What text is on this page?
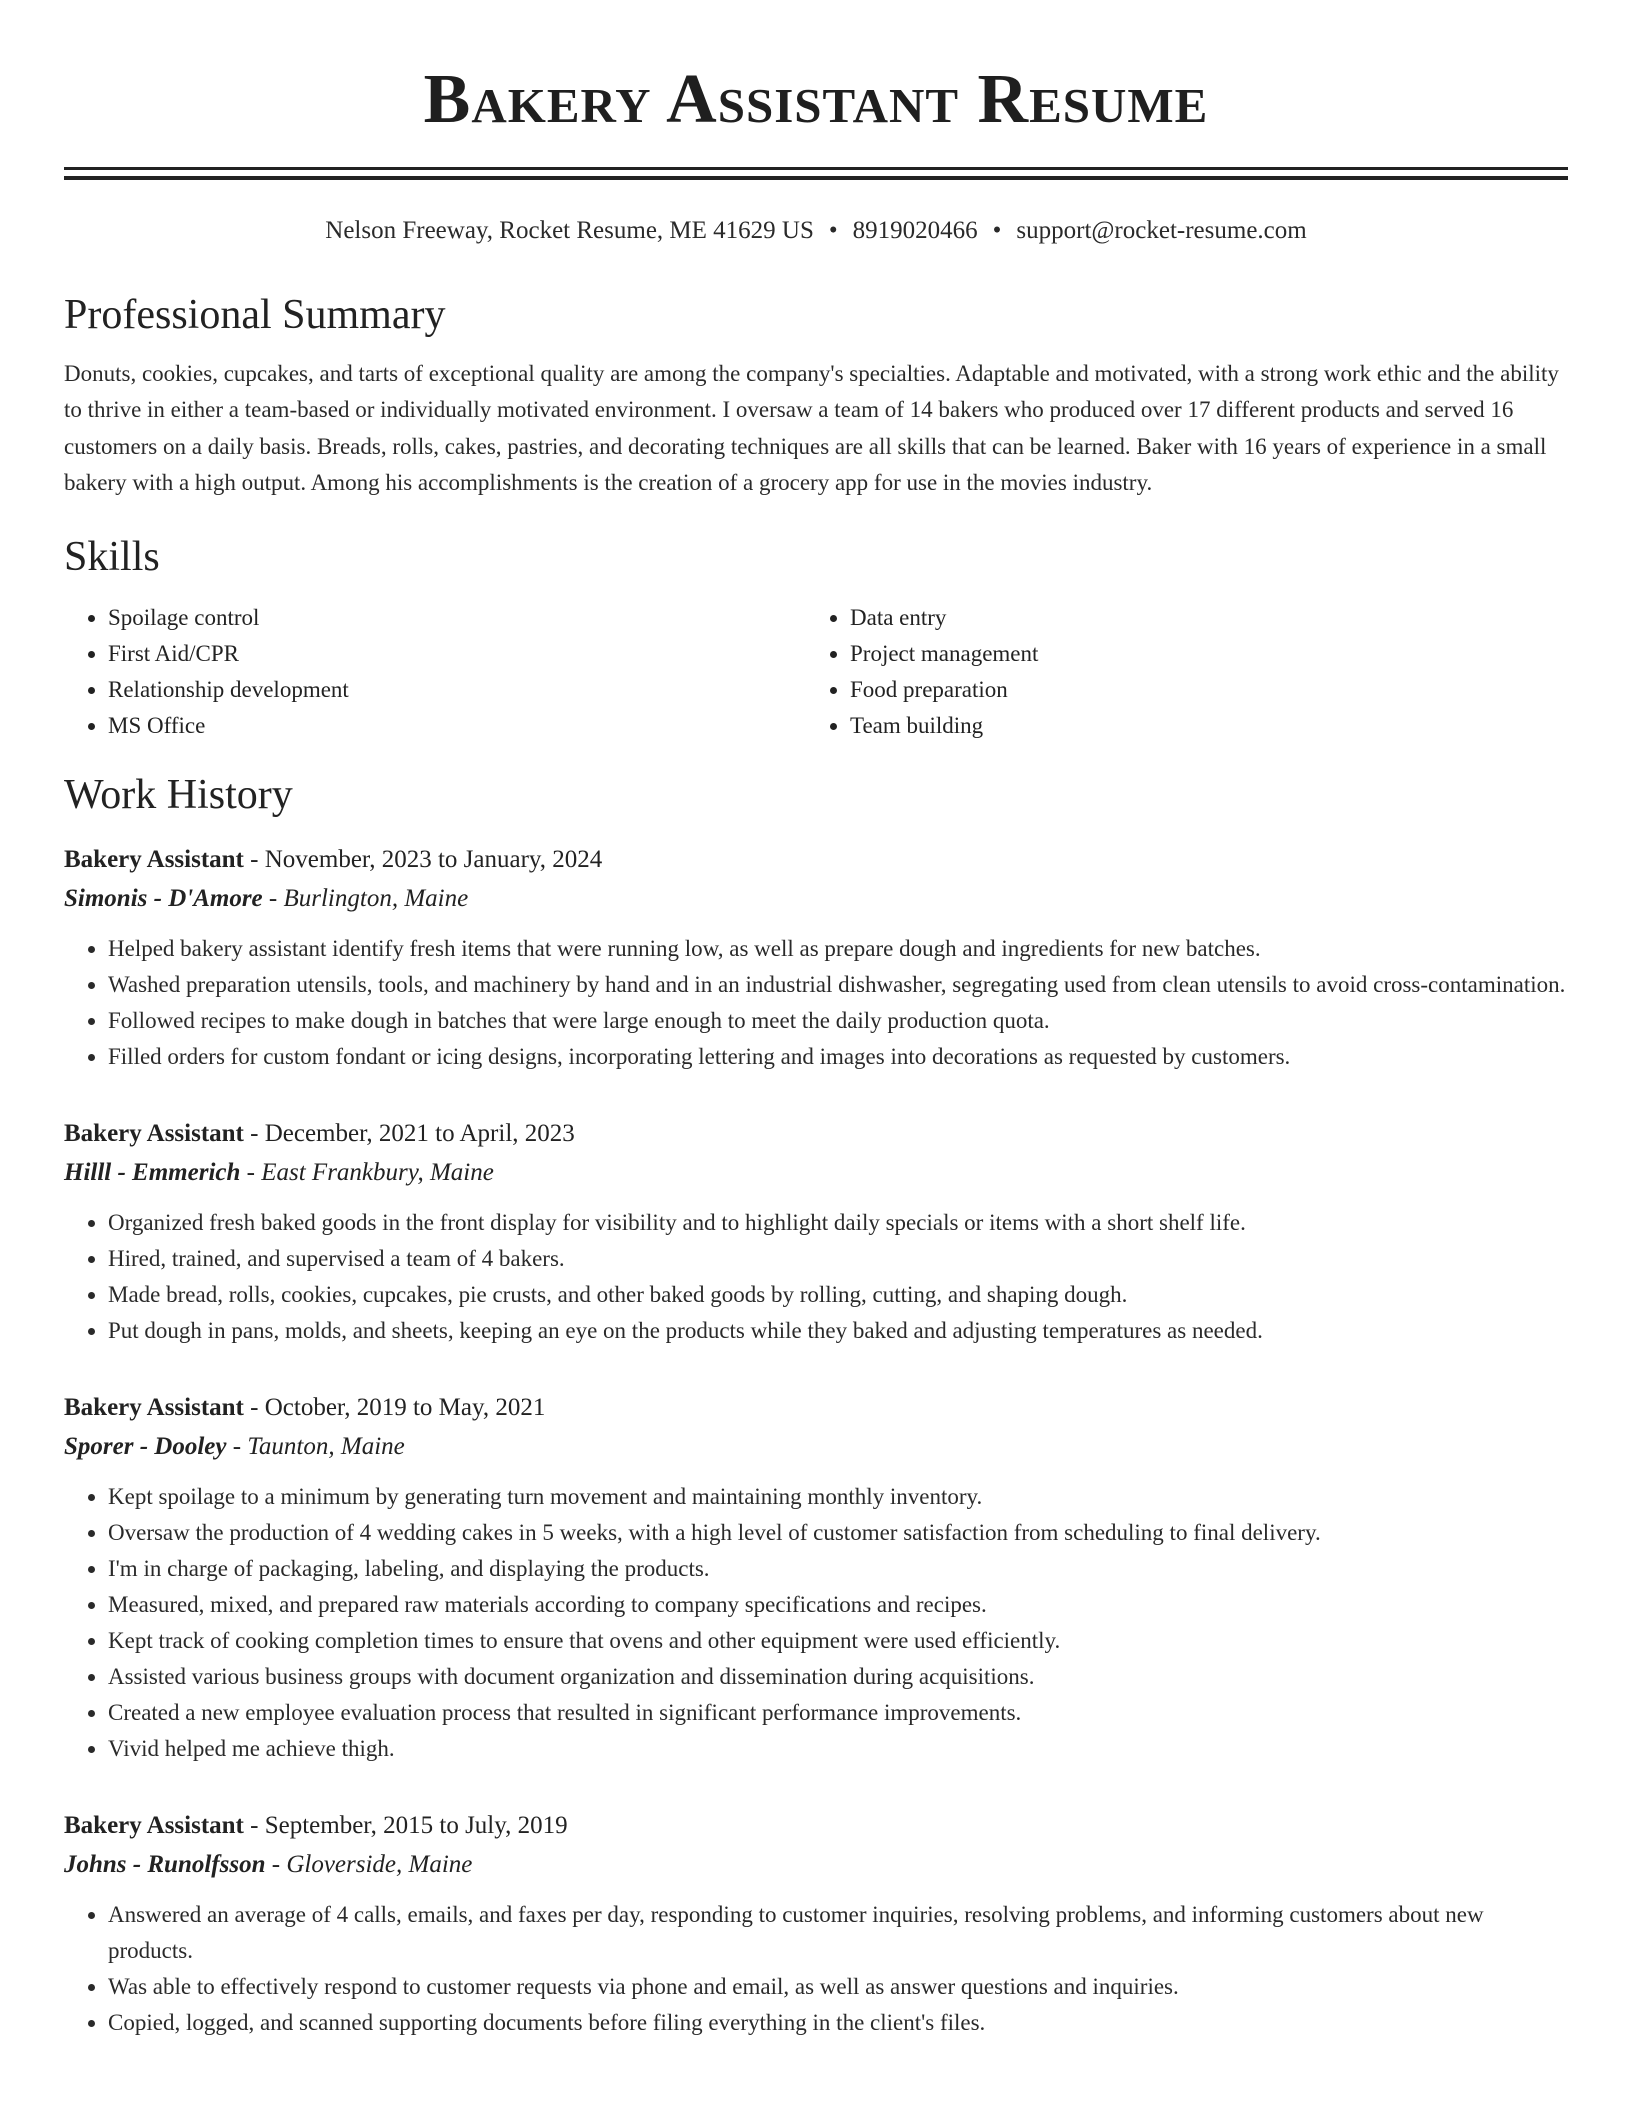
Bakery Assistant Resume
Nelson Freeway, Rocket Resume, ME 41629 US • 8919020466 • support@rocket-resume.com
Professional Summary
Donuts, cookies, cupcakes, and tarts of exceptional quality are among the company's specialties. Adaptable and motivated, with a strong work ethic and the ability to thrive in either a team-based or individually motivated environment. I oversaw a team of 14 bakers who produced over 17 different products and served 16 customers on a daily basis. Breads, rolls, cakes, pastries, and decorating techniques are all skills that can be learned. Baker with 16 years of experience in a small bakery with a high output. Among his accomplishments is the creation of a grocery app for use in the movies industry.
Skills
• Spoilage control
• First Aid/CPR
• Relationship development
• MS Office
• Data entry
• Project management
• Food preparation
• Team building
Work History
Bakery Assistant - November, 2023 to January, 2024
Simonis - D'Amore - Burlington, Maine
• Helped bakery assistant identify fresh items that were running low, as well as prepare dough and ingredients for new batches.
• Washed preparation utensils, tools, and machinery by hand and in an industrial dishwasher, segregating used from clean utensils to avoid cross-contamination.
• Followed recipes to make dough in batches that were large enough to meet the daily production quota.
• Filled orders for custom fondant or icing designs, incorporating lettering and images into decorations as requested by customers.
Bakery Assistant - December, 2021 to April, 2023
Hilll - Emmerich - East Frankbury, Maine
• Organized fresh baked goods in the front display for visibility and to highlight daily specials or items with a short shelf life.
• Hired, trained, and supervised a team of 4 bakers.
• Made bread, rolls, cookies, cupcakes, pie crusts, and other baked goods by rolling, cutting, and shaping dough.
• Put dough in pans, molds, and sheets, keeping an eye on the products while they baked and adjusting temperatures as needed.
Bakery Assistant - October, 2019 to May, 2021
Sporer - Dooley - Taunton, Maine
• Kept spoilage to a minimum by generating turn movement and maintaining monthly inventory.
• Oversaw the production of 4 wedding cakes in 5 weeks, with a high level of customer satisfaction from scheduling to final delivery.
• I'm in charge of packaging, labeling, and displaying the products.
• Measured, mixed, and prepared raw materials according to company specifications and recipes.
• Kept track of cooking completion times to ensure that ovens and other equipment were used efficiently.
• Assisted various business groups with document organization and dissemination during acquisitions.
• Created a new employee evaluation process that resulted in significant performance improvements.
• Vivid helped me achieve thigh.
Bakery Assistant - September, 2015 to July, 2019
Johns - Runolfsson - Gloverside, Maine
• Answered an average of 4 calls, emails, and faxes per day, responding to customer inquiries, resolving problems, and informing customers about new products.
• Was able to effectively respond to customer requests via phone and email, as well as answer questions and inquiries.
• Copied, logged, and scanned supporting documents before filing everything in the client's files.
